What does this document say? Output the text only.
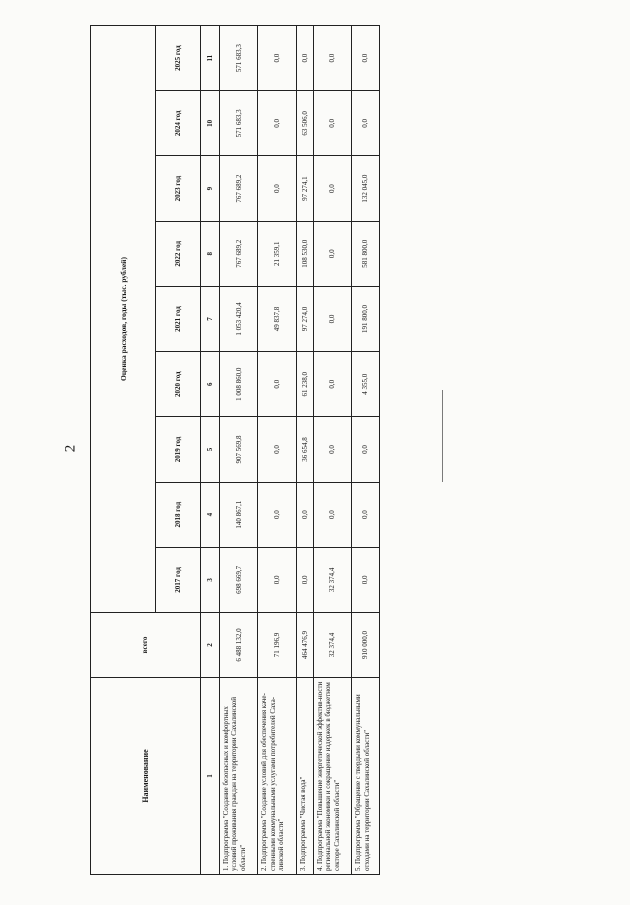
2
Наименование	всего	Оценка расходов, годы (тыс. рублей)								
		2017 год	2018 год	2019 год	2020 год	2021 год	2022 год	2023 год	2024 год	2025 год
1	2	3	4	5	6	7	8	9	10	11
1. Подпрограмма "Создание безопасных и комфортных условий проживания граждан на территории Сахалинской области"	6 488 132,0	698 669,7	140 867,1	907 569,8	1 008 860,0	1 053 420,4	767 689,2	767 689,2	571 683,3	571 683,3
2. Подпрограмма "Создание условий для обеспечения каче-ственными коммунальными услугами потребителей Саха-линской области"	71 196,9	0,0	0,0	0,0	0,0	49 837,8	21 359,1	0,0	0,0	0,0
3. Подпрограмма "Чистая вода"	464 476,9	0,0	0,0	36 654,8	61 238,0	97 274,0	108 530,0	97 274,1	63 506,0	0,0
4. Подпрограмма "Повышение энергетической эффектив-ности региональной экономики и сокращение издержек в бюджетном секторе Сахалинской области"	32 374,4	32 374,4	0,0	0,0	0,0	0,0	0,0	0,0	0,0	0,0
5. Подпрограмма "Обращение с твердыми коммунальными отходами на территории Сахалинской области"	910 000,0	0,0	0,0	0,0	4 355,0	191 800,0	581 800,0	132 045,0	0,0	0,0
